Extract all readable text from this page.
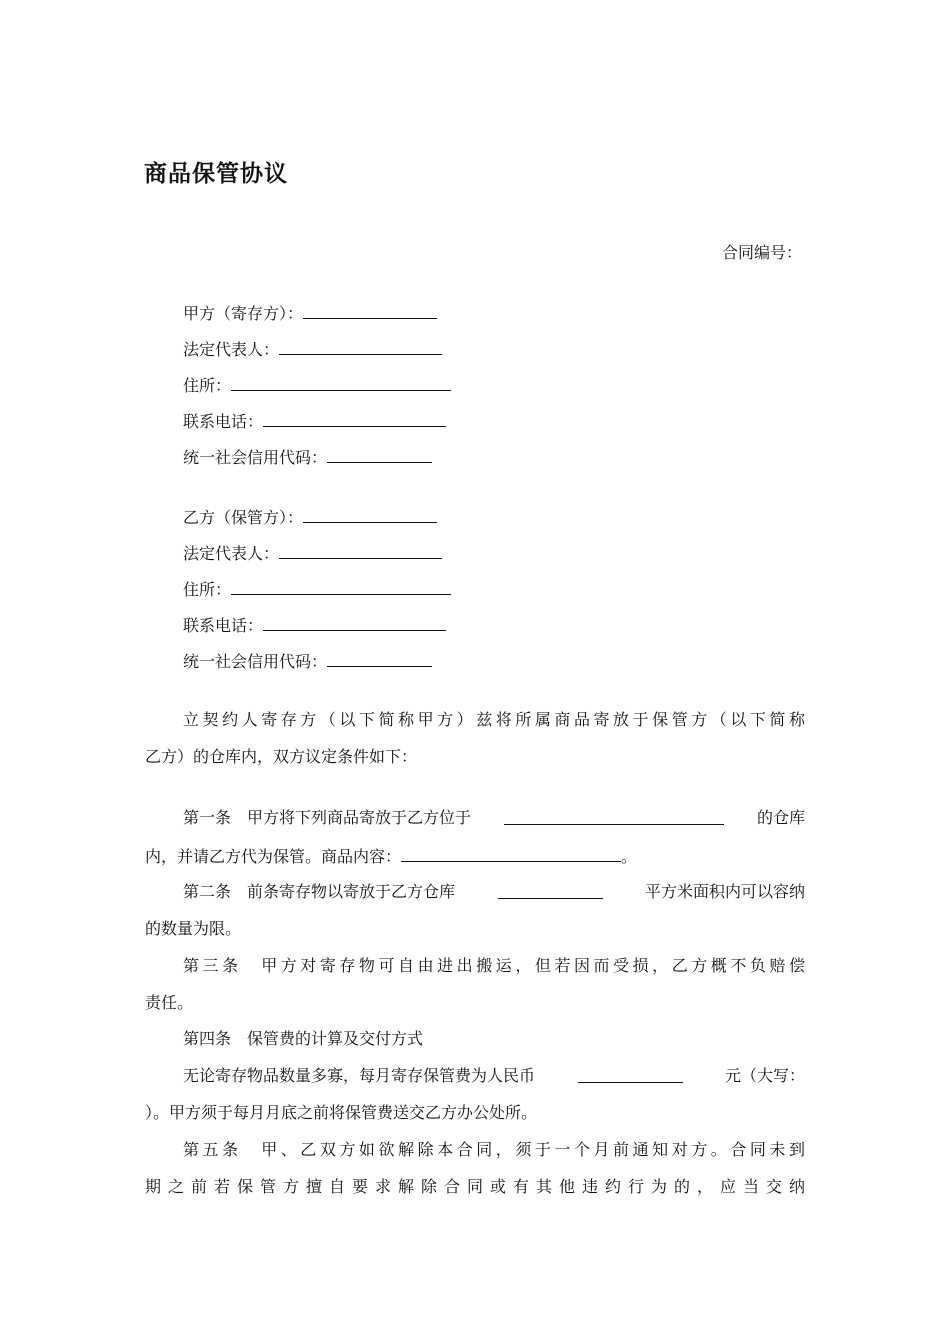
商品保管协议
合同编号：
甲方（寄存方）：
法定代表人：
住所：
联系电话：
统一社会信用代码：
乙方（保管方）：
法定代表人：
住所：
联系电话：
统一社会信用代码：
立契约人寄存方（以下简称甲方）兹将所属商品寄放于保管方（以下简称
乙方）的仓库内，双方议定条件如下：
第一条　甲方将下列商品寄放于乙方位于	的仓库
内，并请乙方代为保管。商品内容：	。
第二条　前条寄存物以寄放于乙方仓库	平方米面积内可以容纳
的数量为限。
第三条　甲方对寄存物可自由进出搬运，但若因而受损，乙方概不负赔偿
责任。
第四条　保管费的计算及交付方式
无论寄存物品数量多寡，每月寄存保管费为人民币	元（大写：
）。甲方须于每月月底之前将保管费送交乙方办公处所。
第五条　甲、乙双方如欲解除本合同，须于一个月前通知对方。合同未到
期之前若保管方擅自要求解除合同或有其他违约行为的，应当交纳
